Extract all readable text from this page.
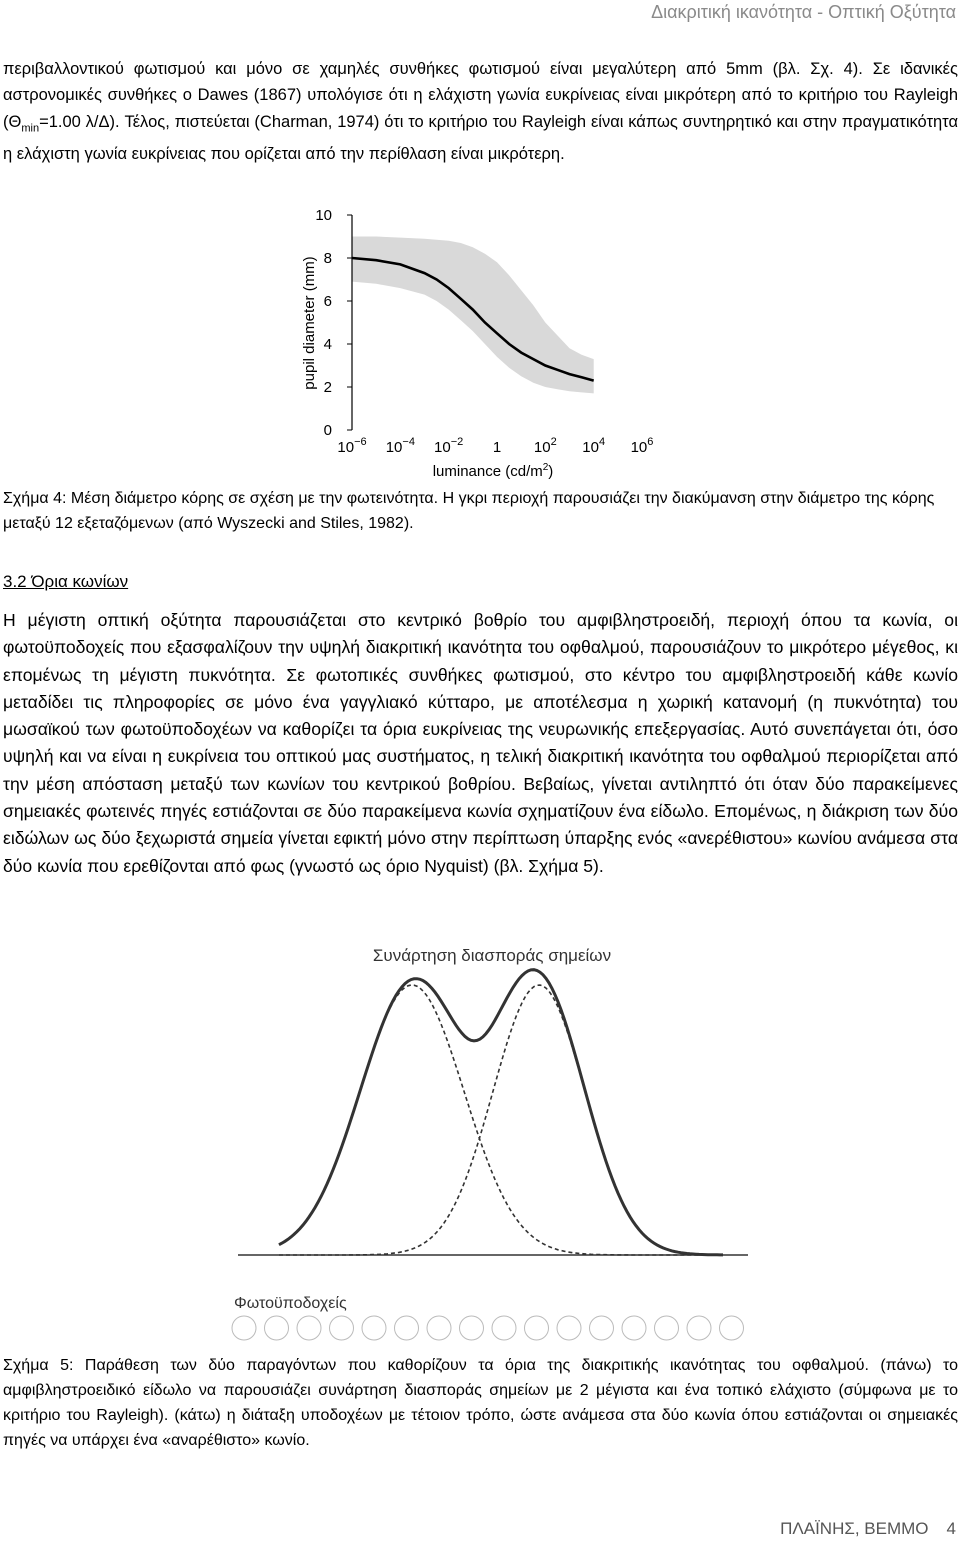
Διακριτική ικανότητα - Οπτική Οξύτητα
περιβαλλοντικού φωτισμού και μόνο σε χαμηλές συνθήκες φωτισμού είναι μεγαλύτερη από 5mm (βλ. Σχ. 4). Σε ιδανικές αστρονομικές συνθήκες ο Dawes (1867) υπολόγισε ότι η ελάχιστη γωνία ευκρίνειας είναι μικρότερη από το κριτήριο του Rayleigh ($\Theta_{min}=1.00$ λ/Δ). Τέλος, πιστεύεται (Charman, 1974) ότι το κριτήριο του Rayleigh είναι κάπως συντηρητικό και στην πραγματικότητα η ελάχιστη γωνία ευκρίνειας που ορίζεται από την περίθλαση είναι μικρότερη.
0
2
4
6
8
10
$10^{-6}$ $10^{-4}$ $10^{-2}$ 1 $10^2$ $10^4$ $10^6$
pupil diameter (mm)
luminance $(cd/m^2)$
Σχήμα 4: Μέση διάμετρο κόρης σε σχέση με την φωτεινότητα. Η γκρι περιοχή παρουσιάζει την διακύμανση στην διάμετρο της κόρης μεταξύ 12 εξεταζόμενων (από Wyszecki and Stiles, 1982).
3.2 Όρια κωνίων
Η μέγιστη οπτική οξύτητα παρουσιάζεται στο κεντρικό βοθρίο του αμφιβληστροειδή, περιοχή όπου τα κωνία, οι φωτοϋποδοχείς που εξασφαλίζουν την υψηλή διακριτική ικανότητα του οφθαλμού, παρουσιάζουν το μικρότερο μέγεθος, κι επομένως τη μέγιστη πυκνότητα. Σε φωτοπικές συνθήκες φωτισμού, στο κέντρο του αμφιβληστροειδή κάθε κωνίο μεταδίδει τις πληροφορίες σε μόνο ένα γαγγλιακό κύτταρο, με αποτέλεσμα η χωρική κατανομή (η πυκνότητα) του μωσαϊκού των φωτοϋποδοχέων να καθορίζει τα όρια ευκρίνειας της νευρωνικής επεξεργασίας. Αυτό συνεπάγεται ότι, όσο υψηλή και να είναι η ευκρίνεια του οπτικού μας συστήματος, η τελική διακριτική ικανότητα του οφθαλμού περιορίζεται από την μέση απόσταση μεταξύ των κωνίων του κεντρικού βοθρίου. Βεβαίως, γίνεται αντιληπτό ότι όταν δύο παρακείμενες σημειακές φωτεινές πηγές εστιάζονται σε δύο παρακείμενα κωνία σχηματίζουν ένα είδωλο. Επομένως, η διάκριση των δύο ειδώλων ως δύο ξεχωριστά σημεία γίνεται εφικτή μόνο στην περίπτωση ύπαρξης ενός «ανερέθιστου» κωνίου ανάμεσα στα δύο κωνία που ερεθίζονται από φως (γνωστό ως όριο Nyquist) (βλ. Σχήμα 5).
Συνάρτηση διασποράς σημείων
Φωτοϋποδοχείς
Σχήμα 5: Παράθεση των δύο παραγόντων που καθορίζουν τα όρια της διακριτικής ικανότητας του οφθαλμού. (πάνω) το αμφιβληστροειδικό είδωλο να παρουσιάζει συνάρτηση διασποράς σημείων με 2 μέγιστα και ένα τοπικό ελάχιστο (σύμφωνα με το κριτήριο του Rayleigh). (κάτω) η διάταξη υποδοχέων με τέτοιον τρόπο, ώστε ανάμεσα στα δύο κωνία όπου εστιάζονται οι σημειακές πηγές να υπάρχει ένα «αναρέθιστο» κωνίο.
ΠΛΑΪΝΗΣ, ΒΕΜΜΟ 4
